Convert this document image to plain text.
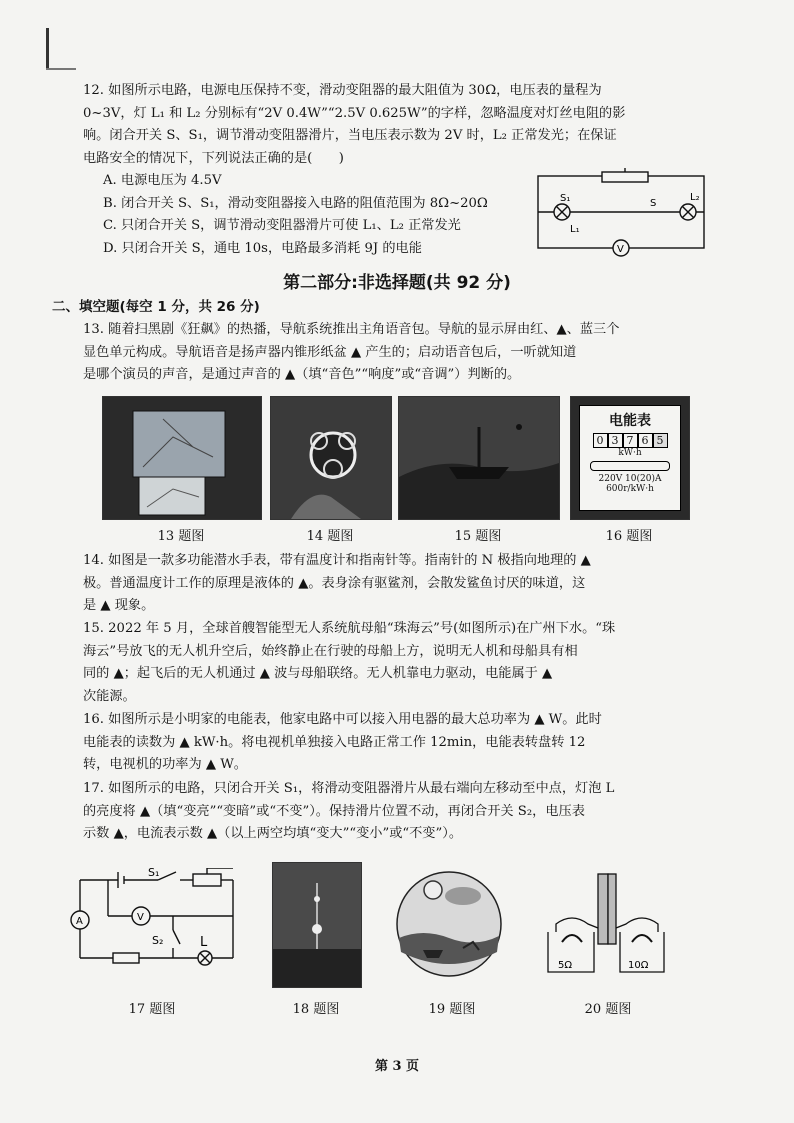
12. 如图所示电路，电源电压保持不变，滑动变阻器的最大阻值为 30Ω，电压表的量程为
0~3V，灯 L₁ 和 L₂ 分别标有“2V 0.4W”“2.5V 0.625W”的字样，忽略温度对灯丝电阻的影
响。闭合开关 S、S₁，调节滑动变阻器滑片，当电压表示数为 2V 时，L₂ 正常发光；在保证
电路安全的情况下，下列说法正确的是(　　)
A. 电源电压为 4.5V
B. 闭合开关 S、S₁，滑动变阻器接入电路的阻值范围为 8Ω~20Ω
C. 只闭合开关 S，调节滑动变阻器滑片可使 L₁、L₂ 正常发光
D. 只闭合开关 S，通电 10s，电路最多消耗 9J 的电能
S₁	S
L₁
L₂
V
第二部分:非选择题(共 92 分)
二、填空题(每空 1 分，共 26 分)
13. 随着扫黑剧《狂飙》的热播，导航系统推出主角语音包。导航的显示屏由红、▲、蓝三个
显色单元构成。导航语音是扬声器内锥形纸盆 ▲ 产生的；启动语音包后，一听就知道
是哪个演员的声音，是通过声音的 ▲（填“音色”“响度”或“音调”）判断的。
电能表
0 3 7 6 5
kW·h
220V 10(20)A
600r/kW·h
13 题图	14 题图	15 题图	16 题图
14. 如图是一款多功能潜水手表，带有温度计和指南针等。指南针的 N 极指向地理的 ▲
极。普通温度计工作的原理是液体的 ▲。表身涂有驱鲨剂，会散发鲨鱼讨厌的味道，这
是 ▲ 现象。
15. 2022 年 5 月，全球首艘智能型无人系统航母船“珠海云”号(如图所示)在广州下水。“珠
海云”号放飞的无人机升空后，始终静止在行驶的母船上方，说明无人机和母船具有相
同的 ▲；起飞后的无人机通过 ▲ 波与母船联络。无人机靠电力驱动，电能属于 ▲
次能源。
16. 如图所示是小明家的电能表，他家电路中可以接入用电器的最大总功率为 ▲ W。此时
电能表的读数为 ▲ kW·h。将电视机单独接入电路正常工作 12min，电能表转盘转 12
转，电视机的功率为 ▲ W。
17. 如图所示的电路，只闭合开关 S₁，将滑动变阻器滑片从最右端向左移动至中点，灯泡 L
的亮度将 ▲（填“变亮”“变暗”或“不变”）。保持滑片位置不动，再闭合开关 S₂，电压表
示数 ▲，电流表示数 ▲（以上两空均填“变大”“变小”或“不变”）。
A	V
S₁
S₂	L
5Ω	10Ω
17 题图	18 题图	19 题图	20 题图
第 3 页
